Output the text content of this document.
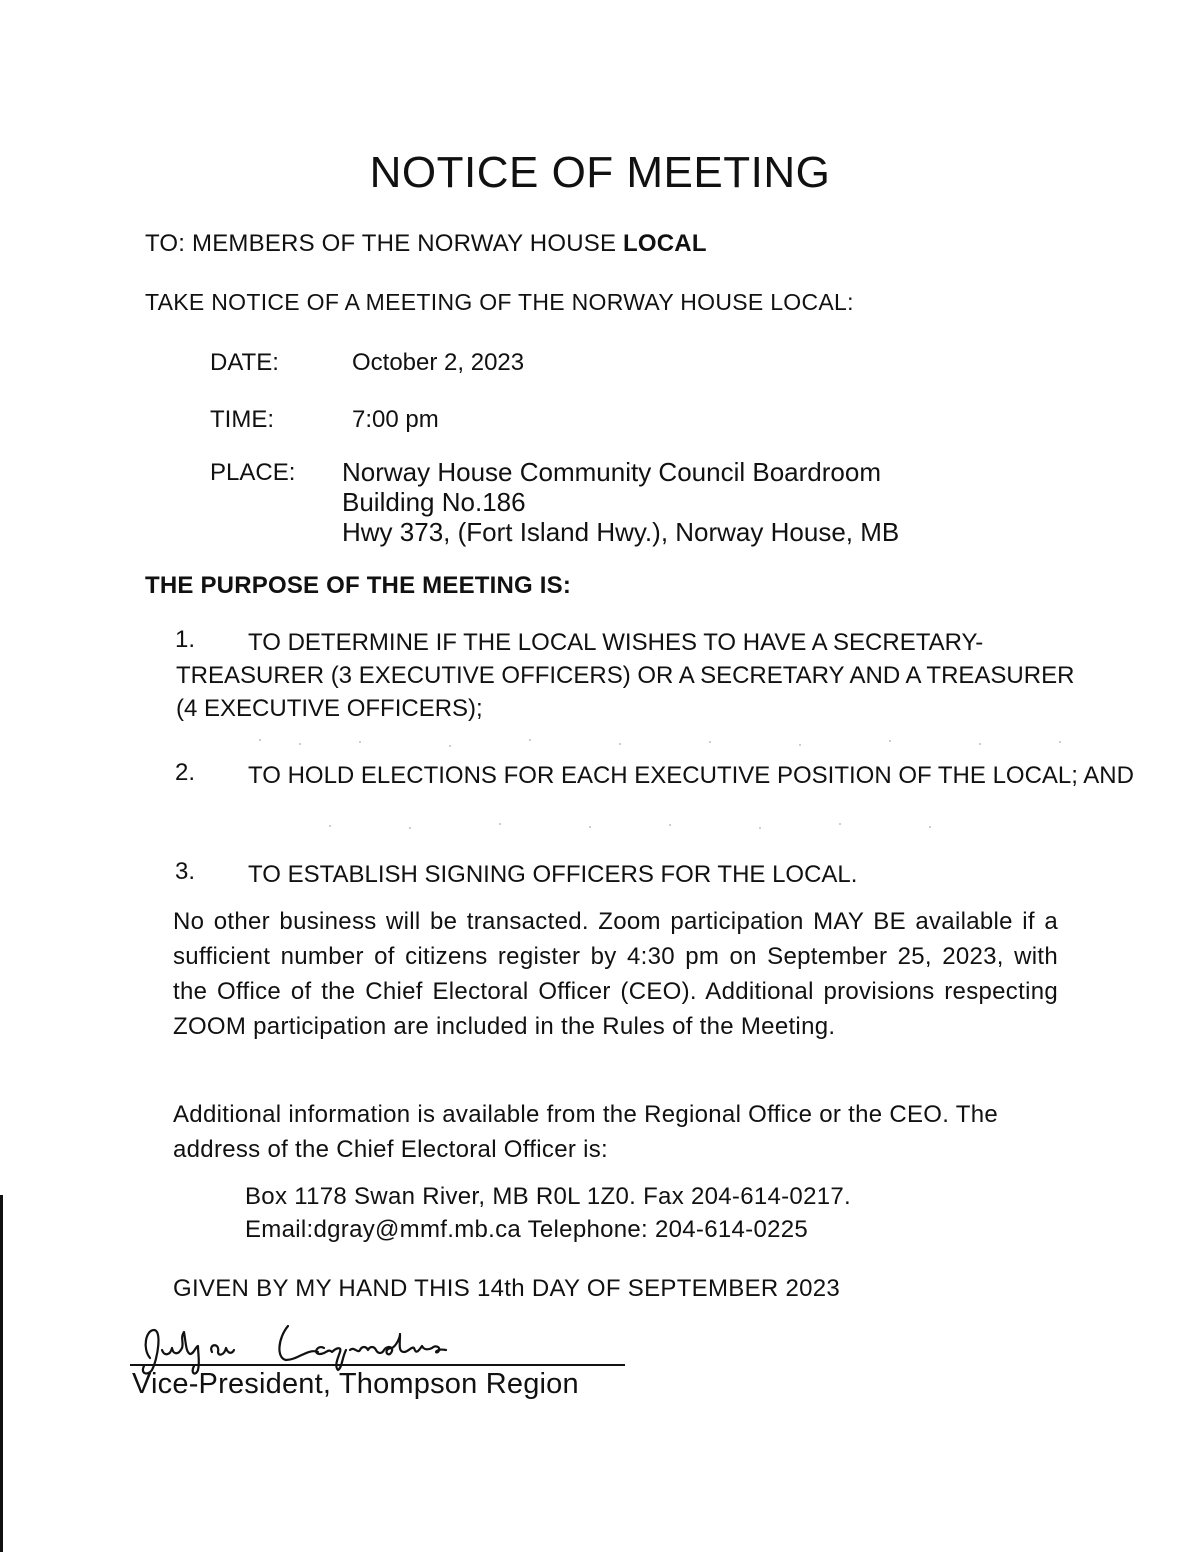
NOTICE OF MEETING
TO: MEMBERS OF THE NORWAY HOUSE LOCAL
TAKE NOTICE OF A MEETING OF THE NORWAY HOUSE LOCAL:
DATE:	October 2, 2023
TIME:	7:00 pm
PLACE: Norway House Community Council Boardroom
Building No.186
Hwy 373, (Fort Island Hwy.), Norway House, MB
THE PURPOSE OF THE MEETING IS:
1.	TO DETERMINE IF THE LOCAL WISHES TO HAVE A SECRETARY-TREASURER (3 EXECUTIVE OFFICERS) OR A SECRETARY AND A TREASURER (4 EXECUTIVE OFFICERS);
2.	TO HOLD ELECTIONS FOR EACH EXECUTIVE POSITION OF THE LOCAL; AND
3. TO ESTABLISH SIGNING OFFICERS FOR THE LOCAL.
No other business will be transacted. Zoom participation MAY BE available if a sufficient number of citizens register by 4:30 pm on September 25, 2023, with the Office of the Chief Electoral Officer (CEO). Additional provisions respecting ZOOM participation are included in the Rules of the Meeting.
Additional information is available from the Regional Office or the CEO. The address of the Chief Electoral Officer is:
Box 1178 Swan River, MB R0L 1Z0. Fax 204-614-0217.
Email:dgray@mmf.mb.ca Telephone: 204-614-0225
GIVEN BY MY HAND THIS 14th DAY OF SEPTEMBER 2023
Vice-President, Thompson Region
